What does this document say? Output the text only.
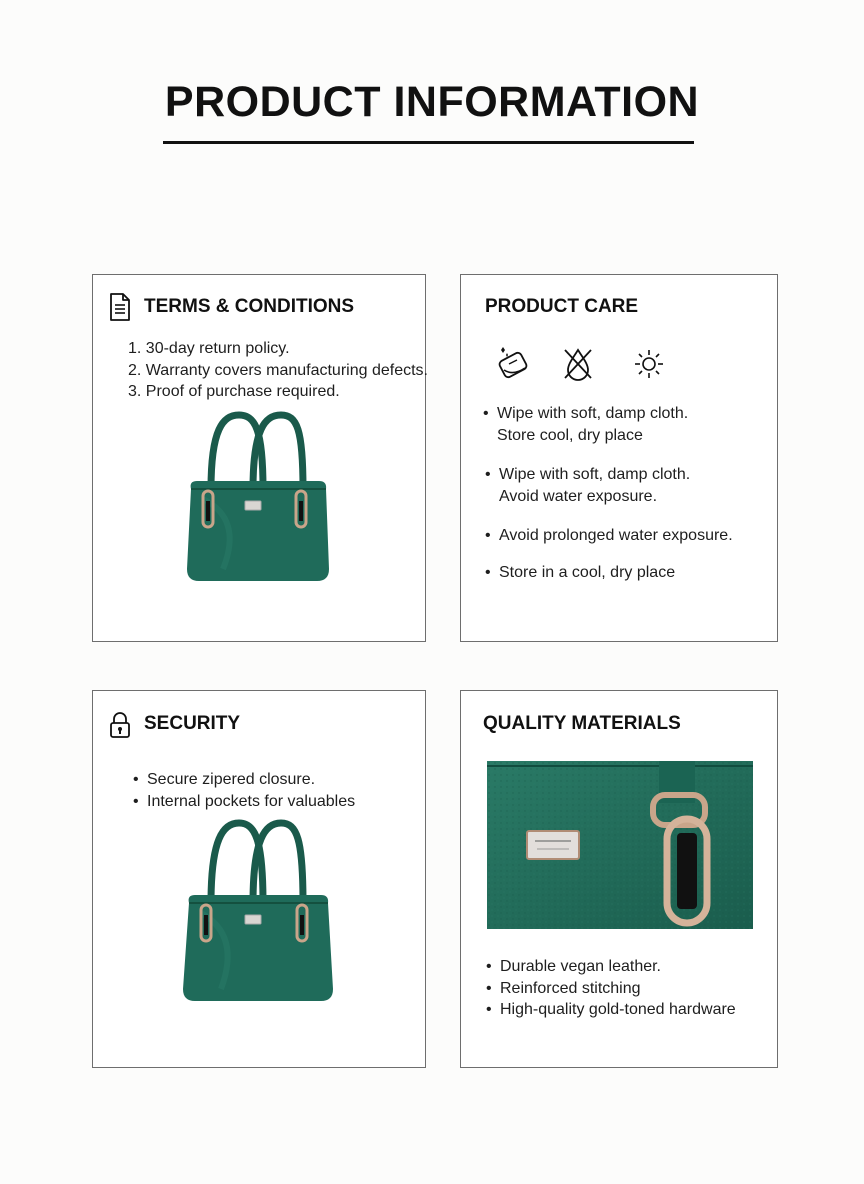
PRODUCT INFORMATION
TERMS & CONDITIONS
1. 30-day return policy.
2. Warranty covers manufacturing defects.
3. Proof of purchase required.
PRODUCT CARE
• Wipe with soft, damp cloth.
Store cool, dry place
• Wipe with soft, damp cloth.
Avoid water exposure.
• Avoid prolonged water exposure.
• Store in a cool, dry place
SECURITY
• Secure zipered closure.
• Internal pockets for valuables
QUALITY MATERIALS
• Durable vegan leather.
• Reinforced stitching
• High-quality gold-toned hardware
